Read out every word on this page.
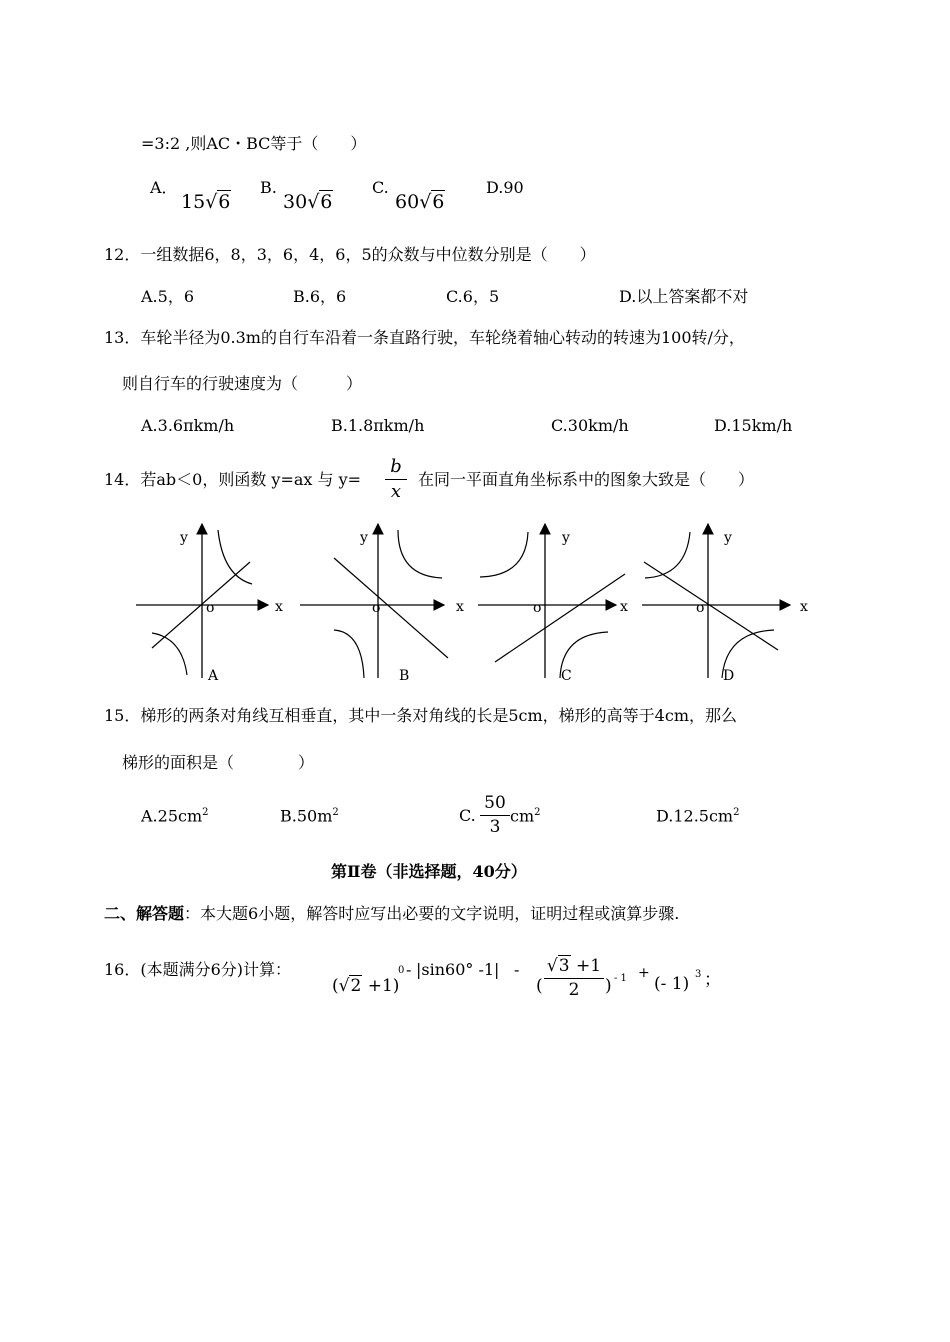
=3:2 ,则AC・BC等于（　　）
A．
15√6
B.
30√6
C.
60√6
D.90
12．一组数据6，8，3，6，4，6，5的众数与中位数分别是（　　）
A.5，6	B.6，6	C.6，5	D.以上答案都不对
13．车轮半径为0.3m的自行车沿着一条直路行驶，车轮绕着轴心转动的转速为100转/分，
则自行车的行驶速度为（　　　）
A.3.6πkm/h	B.1.8πkm/h	C.30km/h	D.15km/h
14．若ab＜0，则函数 y=ax 与 y=
b
x
在同一平面直角坐标系中的图象大致是（　　）
y
x
o
A
y
x
o
B
y
x
o
C
y
x
o
D
15．梯形的两条对角线互相垂直，其中一条对角线的长是5cm，梯形的高等于4cm，那么
梯形的面积是（　　　　）
$A.25cm^2$	$B.50m^2$	C.
50
3
$cm^2$	$D.12.5cm^2$
第Ⅱ卷（非选择题，40分）
二、解答题：本大题6小题，解答时应写出必要的文字说明，证明过程或演算步骤.
16．(本题满分6分)计算：
(√2 +1)
0 - |sin60° -1| -
(
√3 +1
2	) - 1 +
(- 1) 3 ；
